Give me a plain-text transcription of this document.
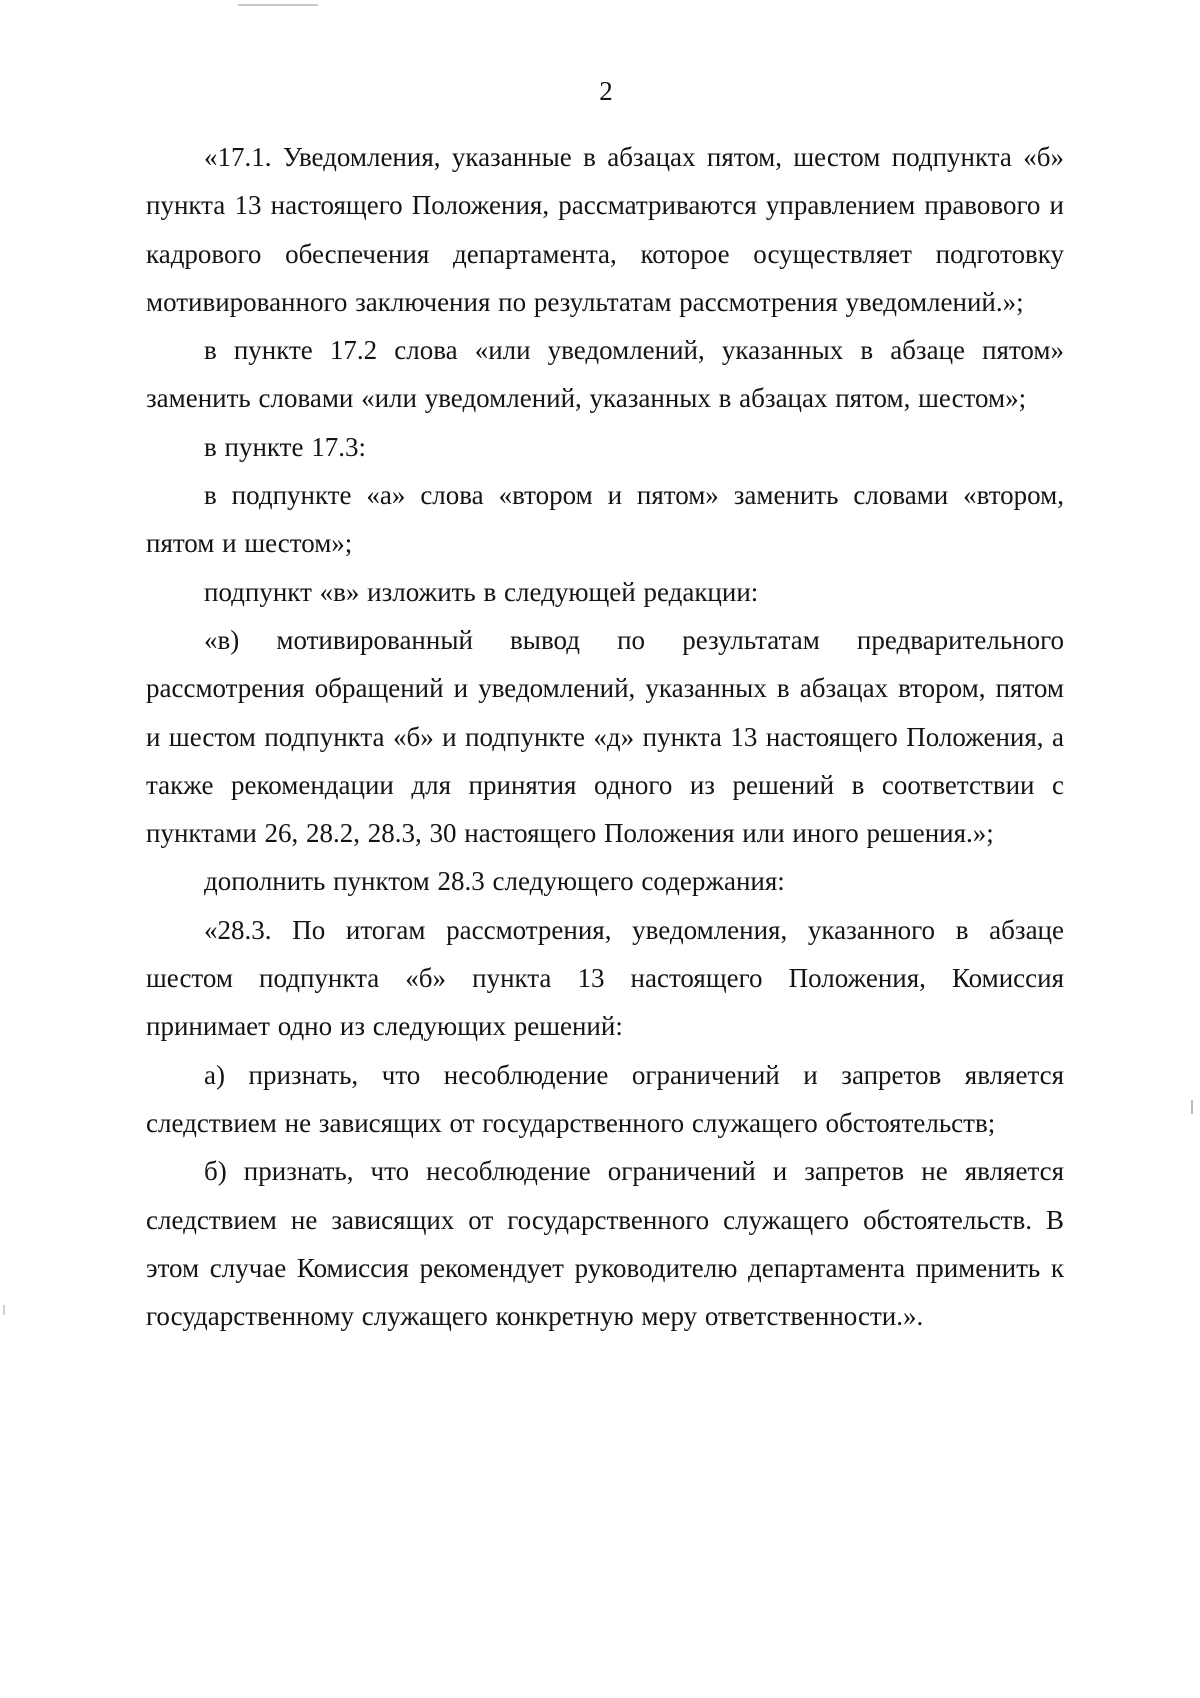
2

«17.1. Уведомления, указанные в абзацах пятом, шестом подпункта «б» пункта 13 настоящего Положения, рассматриваются управлением правового и кадрового обеспечения департамента, которое осуществляет подготовку мотивированного заключения по результатам рассмотрения уведомлений.»;

в пункте 17.2 слова «или уведомлений, указанных в абзаце пятом» заменить словами «или уведомлений, указанных в абзацах пятом, шестом»;

в пункте 17.3:

в подпункте «а» слова «втором и пятом» заменить словами «втором, пятом и шестом»;

подпункт «в» изложить в следующей редакции:

«в) мотивированный вывод по результатам предварительного рассмотрения обращений и уведомлений, указанных в абзацах втором, пятом и шестом подпункта «б» и подпункте «д» пункта 13 настоящего Положения, а также рекомендации для принятия одного из решений в соответствии с пунктами 26, 28.2, 28.3, 30 настоящего Положения или иного решения.»;

дополнить пунктом 28.3 следующего содержания:

«28.3. По итогам рассмотрения, уведомления, указанного в абзаце шестом подпункта «б» пункта 13 настоящего Положения, Комиссия принимает одно из следующих решений:

а) признать, что несоблюдение ограничений и запретов является следствием не зависящих от государственного служащего обстоятельств;

б) признать, что несоблюдение ограничений и запретов не является следствием не зависящих от государственного служащего обстоятельств. В этом случае Комиссия рекомендует руководителю департамента применить к государственному служащего конкретную меру ответственности.».
